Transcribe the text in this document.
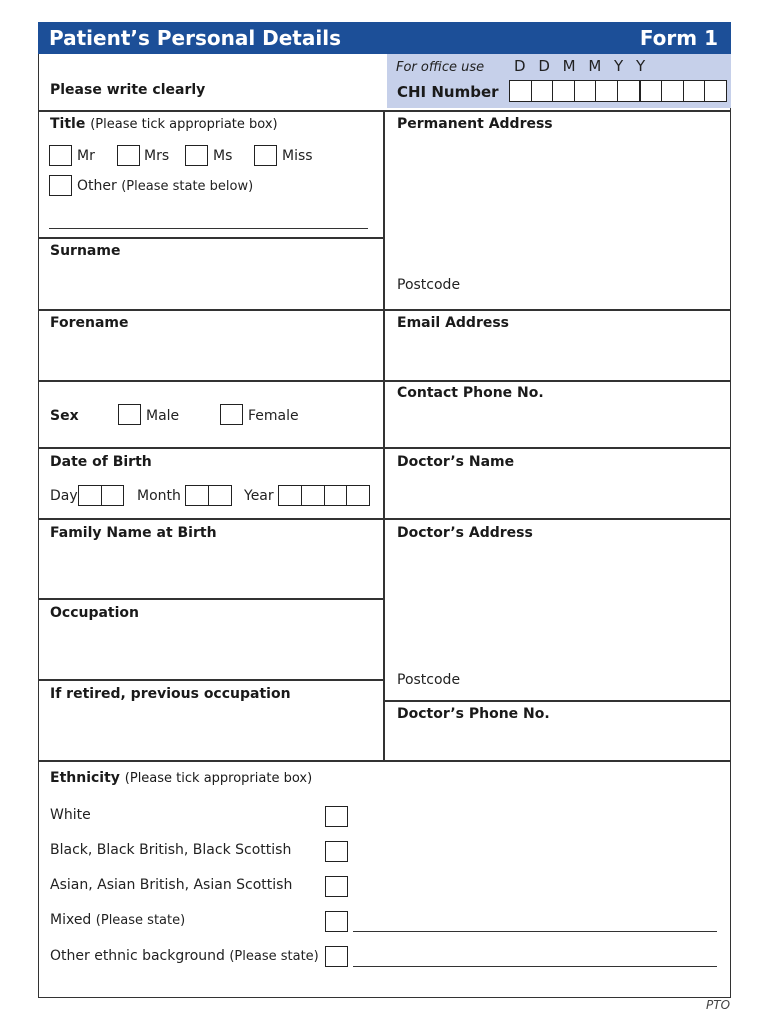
Patient’s Personal Details	Form 1
For office use D D M M Y Y
CHI Number
Please write clearly
Title (Please tick appropriate box)
Mr	Mrs	Ms	Miss
Other (Please state below)
Surname
Forename
Sex	Male	Female
Date of Birth
Day	Month	Year
Family Name at Birth
Occupation
If retired, previous occupation
Permanent Address
Postcode
Email Address
Contact Phone No.
Doctor’s Name
Doctor’s Address
Postcode
Doctor’s Phone No.
Ethnicity (Please tick appropriate box)
White
Black, Black British, Black Scottish
Asian, Asian British, Asian Scottish
Mixed (Please state)
Other ethnic background (Please state)
PTO
